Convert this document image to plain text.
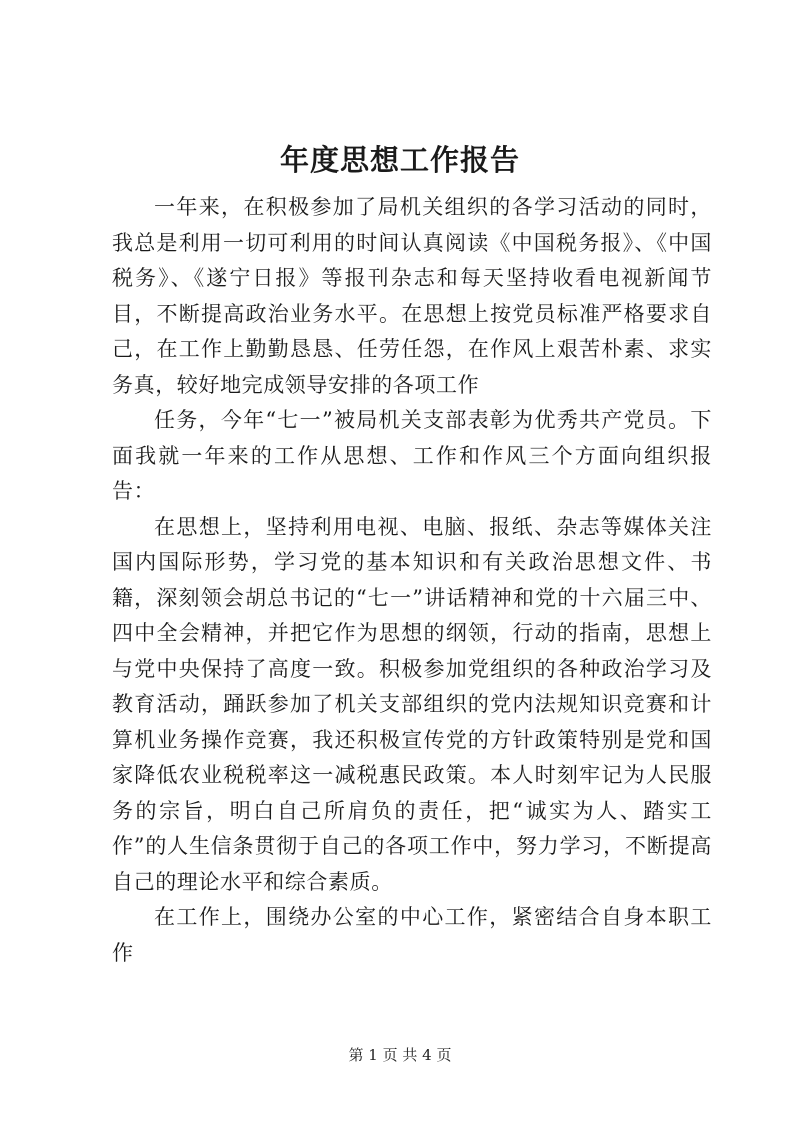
年度思想工作报告

一年来，在积极参加了局机关组织的各学习活动的同时，我总是利用一切可利用的时间认真阅读《中国税务报》、《中国税务》、《遂宁日报》等报刊杂志和每天坚持收看电视新闻节目，不断提高政治业务水平。在思想上按党员标准严格要求自己，在工作上勤勤恳恳、任劳任怨，在作风上艰苦朴素、求实务真，较好地完成领导安排的各项工作

任务，今年“七一”被局机关支部表彰为优秀共产党员。下面我就一年来的工作从思想、工作和作风三个方面向组织报告：

在思想上，坚持利用电视、电脑、报纸、杂志等媒体关注国内国际形势，学习党的基本知识和有关政治思想文件、书籍，深刻领会胡总书记的“七一”讲话精神和党的十六届三中、四中全会精神，并把它作为思想的纲领，行动的指南，思想上与党中央保持了高度一致。积极参加党组织的各种政治学习及教育活动，踊跃参加了机关支部组织的党内法规知识竞赛和计算机业务操作竞赛，我还积极宣传党的方针政策特别是党和国家降低农业税税率这一减税惠民政策。本人时刻牢记为人民服务的宗旨，明白自己所肩负的责任，把“诚实为人、踏实工作”的人生信条贯彻于自己的各项工作中，努力学习，不断提高自己的理论水平和综合素质。

在工作上，围绕办公室的中心工作，紧密结合自身本职工作

第 1 页 共 4 页
